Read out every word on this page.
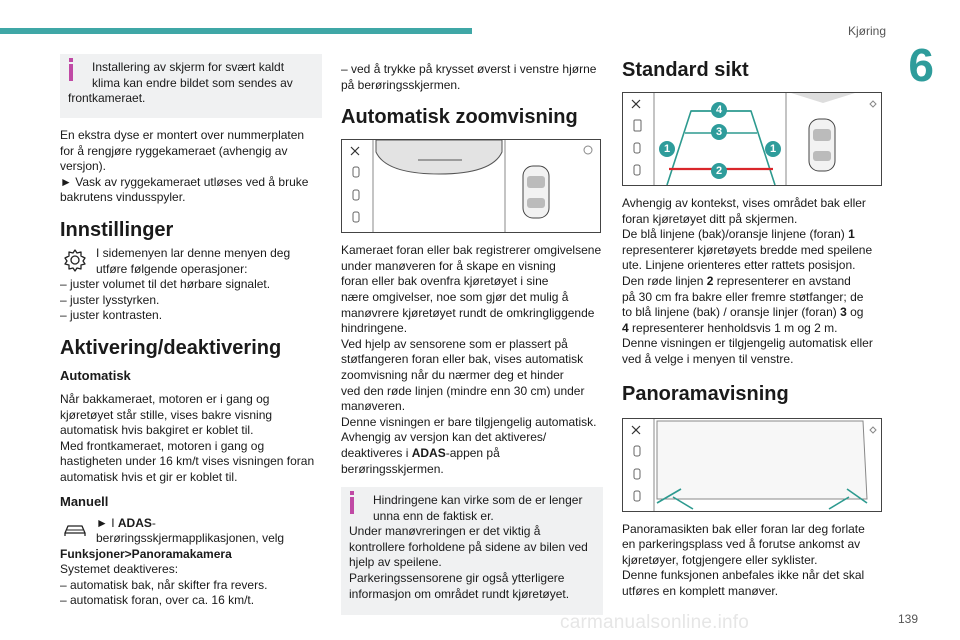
Kjøring
6

Installering av skjerm for svært kaldt

klima kan endre bildet som sendes av

frontkameraet.

En ekstra dyse er montert over nummerplaten

for å rengjøre ryggekameraet (avhengig av

versjon).

► Vask av ryggekameraet utløses ved å bruke

bakrutens vindusspyler.

Innstillinger

I sidemenyen lar denne menyen deg

utføre følgende operasjoner:

– juster volumet til det hørbare signalet.

– juster lysstyrken.

– juster kontrasten.

Aktivering/deaktivering
Automatisk

Når bakkameraet, motoren er i gang og

kjøretøyet står stille, vises bakre visning

automatisk hvis bakgiret er koblet til.

Med frontkameraet, motoren i gang og

hastigheten under 16 km/t vises visningen foran

automatisk hvis et gir er koblet til.

Manuell

► I ADAS-

berøringsskjermapplikasjonen, velg

Funksjoner>Panoramakamera

Systemet deaktiveres:

– automatisk bak, når skifter fra revers.

– automatisk foran, over ca. 16 km/t.

– ved å trykke på krysset øverst i venstre hjørne

på berøringsskjermen.

Automatisk zoomvisning

Kameraet foran eller bak registrerer omgivelsene

under manøveren for å skape en visning

foran eller bak ovenfra kjøretøyet i sine

nære omgivelser, noe som gjør det mulig å

manøvrere kjøretøyet rundt de omkringliggende

hindringene.

Ved hjelp av sensorene som er plassert på

støtfangeren foran eller bak, vises automatisk

zoomvisning når du nærmer deg et hinder

ved den røde linjen (mindre enn 30 cm) under

manøveren.

Denne visningen er bare tilgjengelig automatisk.

Avhengig av versjon kan det aktiveres/

deaktiveres i ADAS-appen på

berøringsskjermen.

Hindringene kan virke som de er lenger

unna enn de faktisk er.

Under manøvreringen er det viktig å

kontrollere forholdene på sidene av bilen ved

hjelp av speilene.

Parkeringssensorene gir også ytterligere

informasjon om området rundt kjøretøyet.

Standard sikt
1	1
2
3
4

Avhengig av kontekst, vises området bak eller

foran kjøretøyet ditt på skjermen.

De blå linjene (bak)/oransje linjene (foran) 1

representerer kjøretøyets bredde med speilene

ute. Linjene orienteres etter rattets posisjon.

Den røde linjen 2 representerer en avstand

på 30 cm fra bakre eller fremre støtfanger; de

to blå linjene (bak) / oransje linjer (foran) 3 og

4 representerer henholdsvis 1 m og 2 m.

Denne visningen er tilgjengelig automatisk eller

ved å velge i menyen til venstre.

Panoramavisning

Panoramasikten bak eller foran lar deg forlate

en parkeringsplass ved å forutse ankomst av

kjøretøyer, fotgjengere eller syklister.

Denne funksjonen anbefales ikke når det skal

utføres en komplett manøver.

carmanualsonline.info	139
